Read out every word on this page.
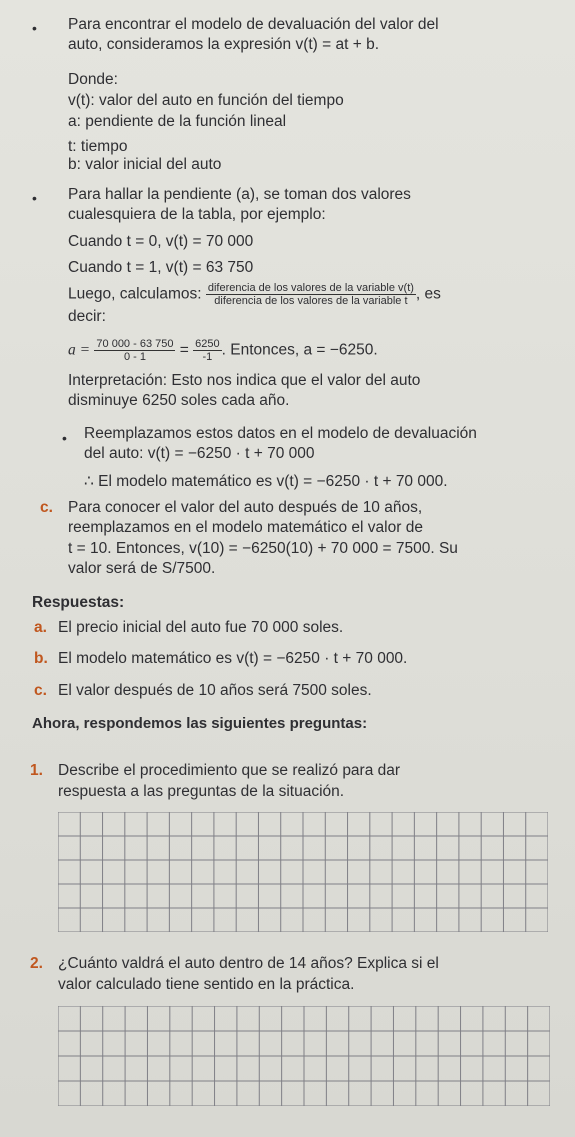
• Para encontrar el modelo de devaluación del valor del
auto, consideramos la expresión v(t) = at + b.
Donde:
v(t): valor del auto en función del tiempo
a: pendiente de la función lineal
t: tiempo
b: valor inicial del auto
• Para hallar la pendiente (a), se toman dos valores
cualesquiera de la tabla, por ejemplo:
Cuando t = 0, v(t) = 70 000
Cuando t = 1, v(t) = 63 750
Luego, calculamos: $\frac{\text{diferencia de los valores de la variable v(t)}}{\text{diferencia de los valores de la variable t}}$ , es
decir:
$a = \frac{70 000 - 63 750}{0 - 1} = \frac{6250}{-1}$ . Entonces, a = −6250.
Interpretación: Esto nos indica que el valor del auto
disminuye 6250 soles cada año.
• Reemplazamos estos datos en el modelo de devaluación
del auto: v(t) = −6250 · t + 70 000
∴ El modelo matemático es v(t) = −6250 · t + 70 000.
c. Para conocer el valor del auto después de 10 años,
reemplazamos en el modelo matemático el valor de
t = 10. Entonces, v(10) = −6250(10) + 70 000 = 7500. Su
valor será de S/7500.
Respuestas:
a. El precio inicial del auto fue 70 000 soles.
b. El modelo matemático es v(t) = −6250 · t + 70 000.
c. El valor después de 10 años será 7500 soles.
Ahora, respondemos las siguientes preguntas:
1. Describe el procedimiento que se realizó para dar
respuesta a las preguntas de la situación.
2. ¿Cuánto valdrá el auto dentro de 14 años? Explica si el
valor calculado tiene sentido en la práctica.
